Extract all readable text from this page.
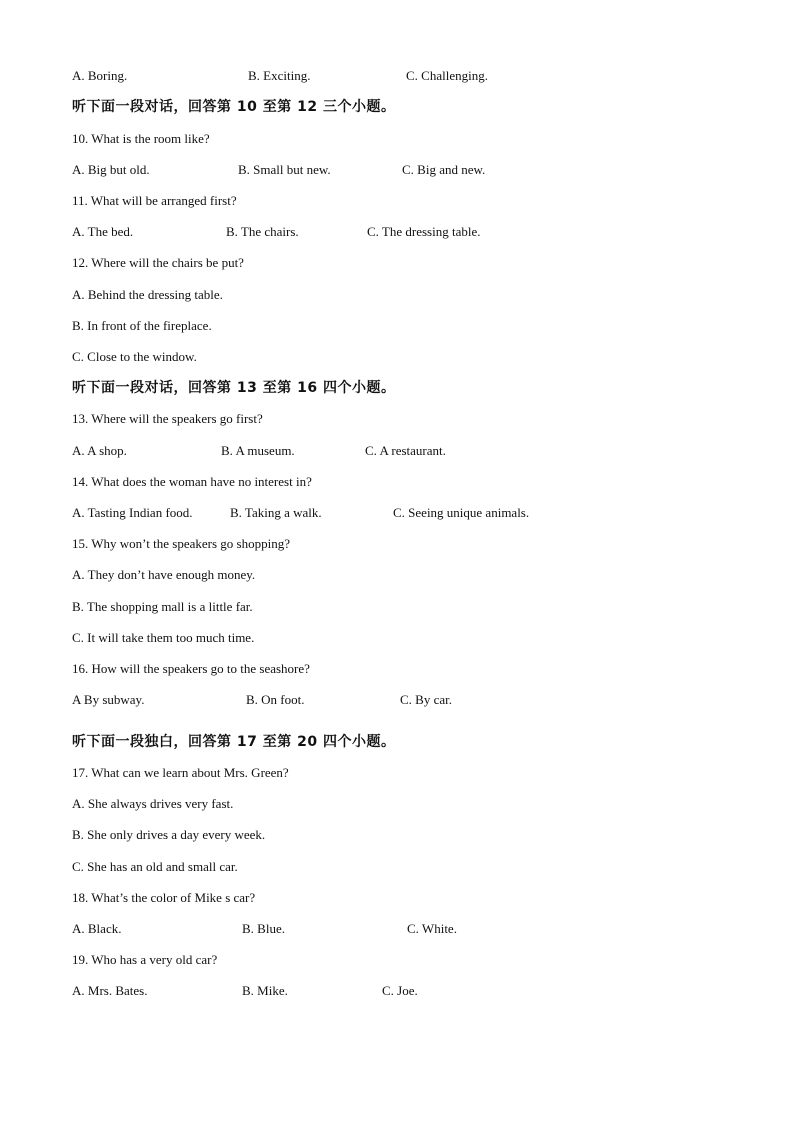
A. Boring.	B. Exciting.	C. Challenging.
听下面一段对话，回答第 10 至第 12 三个小题。
10. What is the room like?
A. Big but old.	B. Small but new.	C. Big and new.
11. What will be arranged first?
A. The bed.	B. The chairs.	C. The dressing table.
12. Where will the chairs be put?
A. Behind the dressing table.
B. In front of the fireplace.
C. Close to the window.
听下面一段对话，回答第 13 至第 16 四个小题。
13. Where will the speakers go first?
A. A shop.	B. A museum.	C. A restaurant.
14. What does the woman have no interest in?
A. Tasting Indian food.	B. Taking a walk.	C. Seeing unique animals.
15. Why won’t the speakers go shopping?
A. They don’t have enough money.
B. The shopping mall is a little far.
C. It will take them too much time.
16. How will the speakers go to the seashore?
A By subway.	B. On foot.	C. By car.
听下面一段独白，回答第 17 至第 20 四个小题。
17. What can we learn about Mrs. Green?
A. She always drives very fast.
B. She only drives a day every week.
C. She has an old and small car.
18. What’s the color of Mike s car?
A. Black.	B. Blue.	C. White.
19. Who has a very old car?
A. Mrs. Bates.	B. Mike.	C. Joe.
